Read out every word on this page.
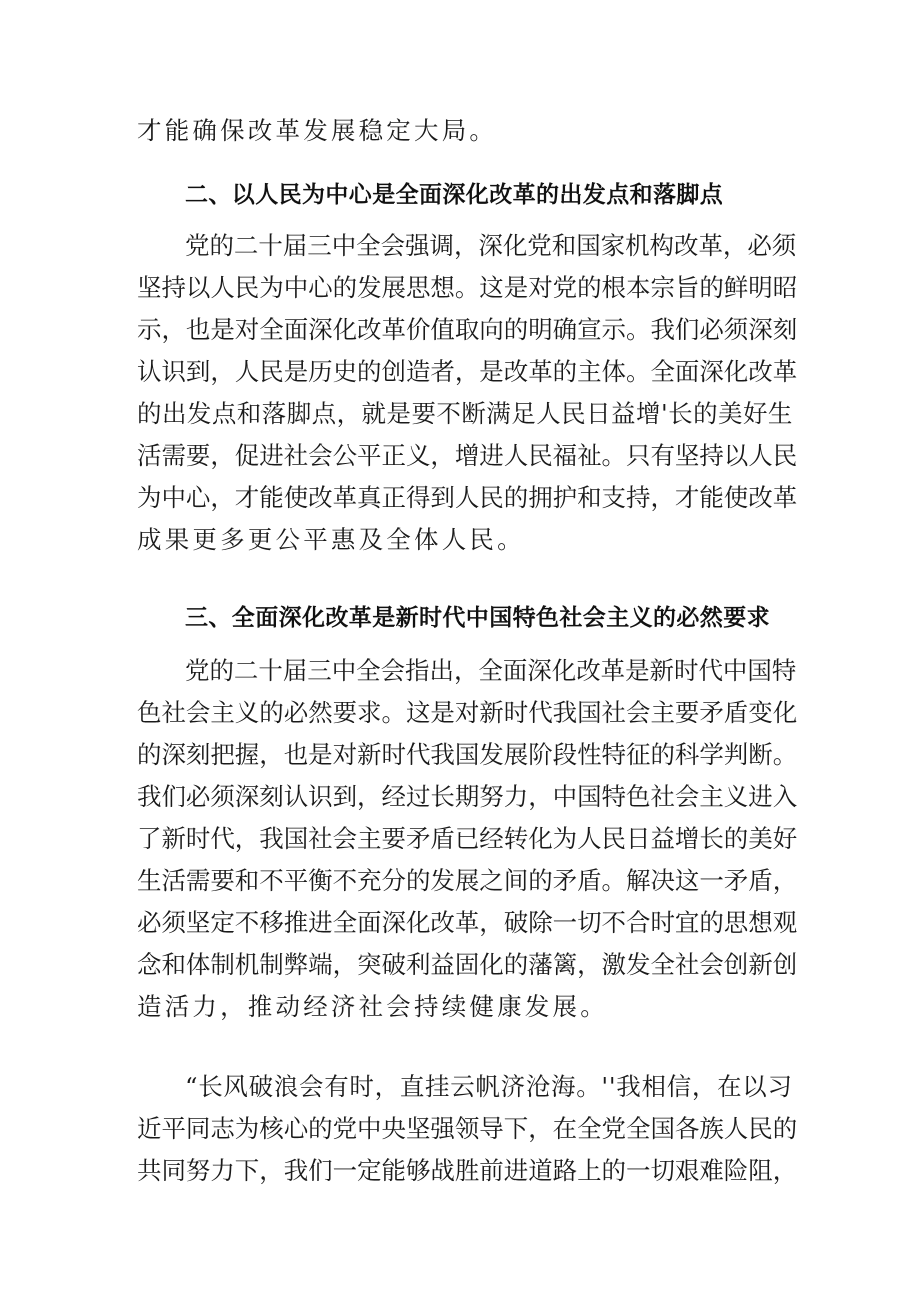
才能确保改革发展稳定大局。

二、以人民为中心是全面深化改革的出发点和落脚点

党的二十届三中全会强调，深化党和国家机构改革，必须

坚持以人民为中心的发展思想。这是对党的根本宗旨的鲜明昭

示，也是对全面深化改革价值取向的明确宣示。我们必须深刻

认识到，人民是历史的创造者，是改革的主体。全面深化改革

的出发点和落脚点，就是要不断满足人民日益增'长的美好生

活需要，促进社会公平正义，增进人民福祉。只有坚持以人民

为中心，才能使改革真正得到人民的拥护和支持，才能使改革

成果更多更公平惠及全体人民。

三、全面深化改革是新时代中国特色社会主义的必然要求

党的二十届三中全会指出，全面深化改革是新时代中国特

色社会主义的必然要求。这是对新时代我国社会主要矛盾变化

的深刻把握，也是对新时代我国发展阶段性特征的科学判断。

我们必须深刻认识到，经过长期努力，中国特色社会主义进入

了新时代，我国社会主要矛盾已经转化为人民日益增长的美好

生活需要和不平衡不充分的发展之间的矛盾。解决这一矛盾，

必须坚定不移推进全面深化改革，破除一切不合时宜的思想观

念和体制机制弊端，突破利益固化的藩篱，激发全社会创新创

造活力，推动经济社会持续健康发展。

“长风破浪会有时，直挂云帆济沧海。''我相信，在以习

近平同志为核心的党中央坚强领导下，在全党全国各族人民的

共同努力下，我们一定能够战胜前进道路上的一切艰难险阻，
